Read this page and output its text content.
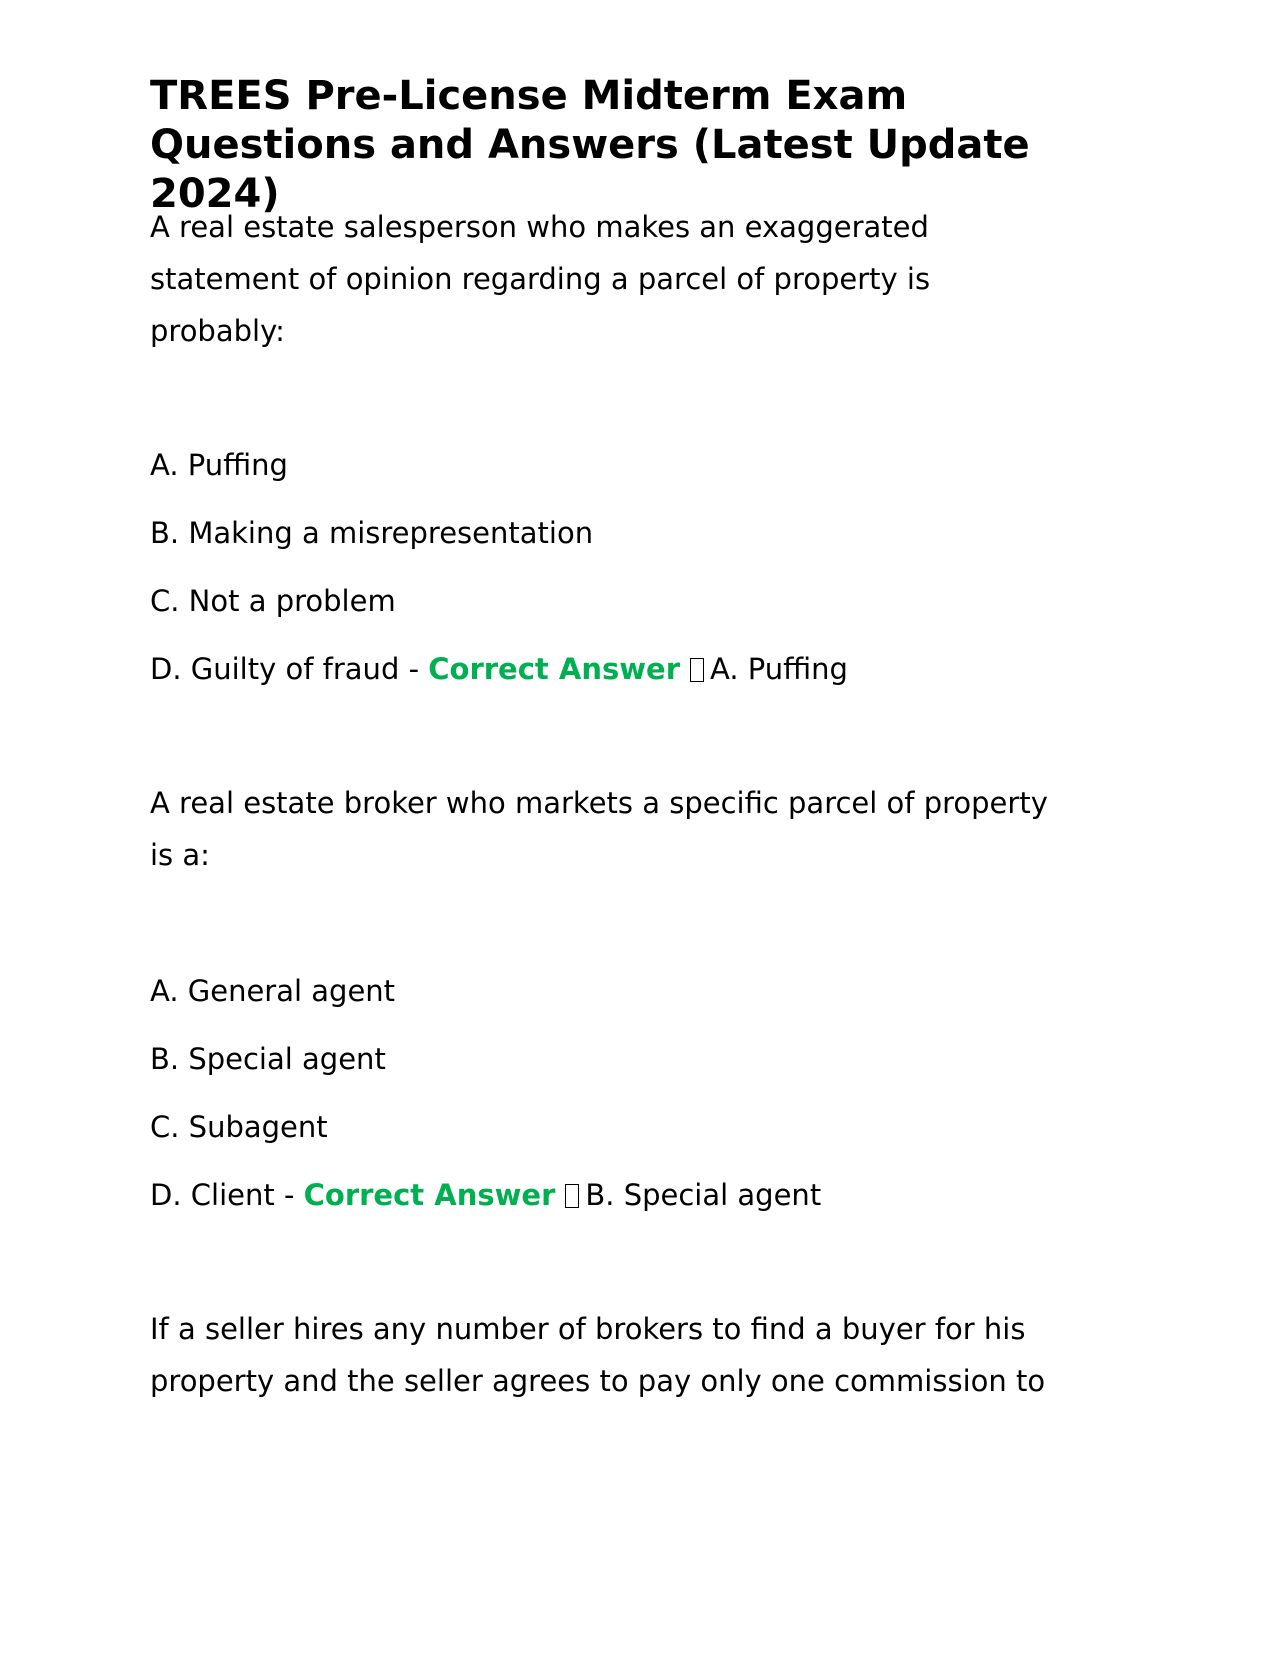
TREES Pre-License Midterm Exam Questions and Answers (Latest Update 2024)

A real estate salesperson who makes an exaggerated

statement of opinion regarding a parcel of property is

probably:

A. Puffing

B. Making a misrepresentation

C. Not a problem

D. Guilty of fraud - Correct Answer A. Puffing

A real estate broker who markets a specific parcel of property

is a:

A. General agent

B. Special agent

C. Subagent

D. Client - Correct Answer B. Special agent

If a seller hires any number of brokers to find a buyer for his

property and the seller agrees to pay only one commission to
